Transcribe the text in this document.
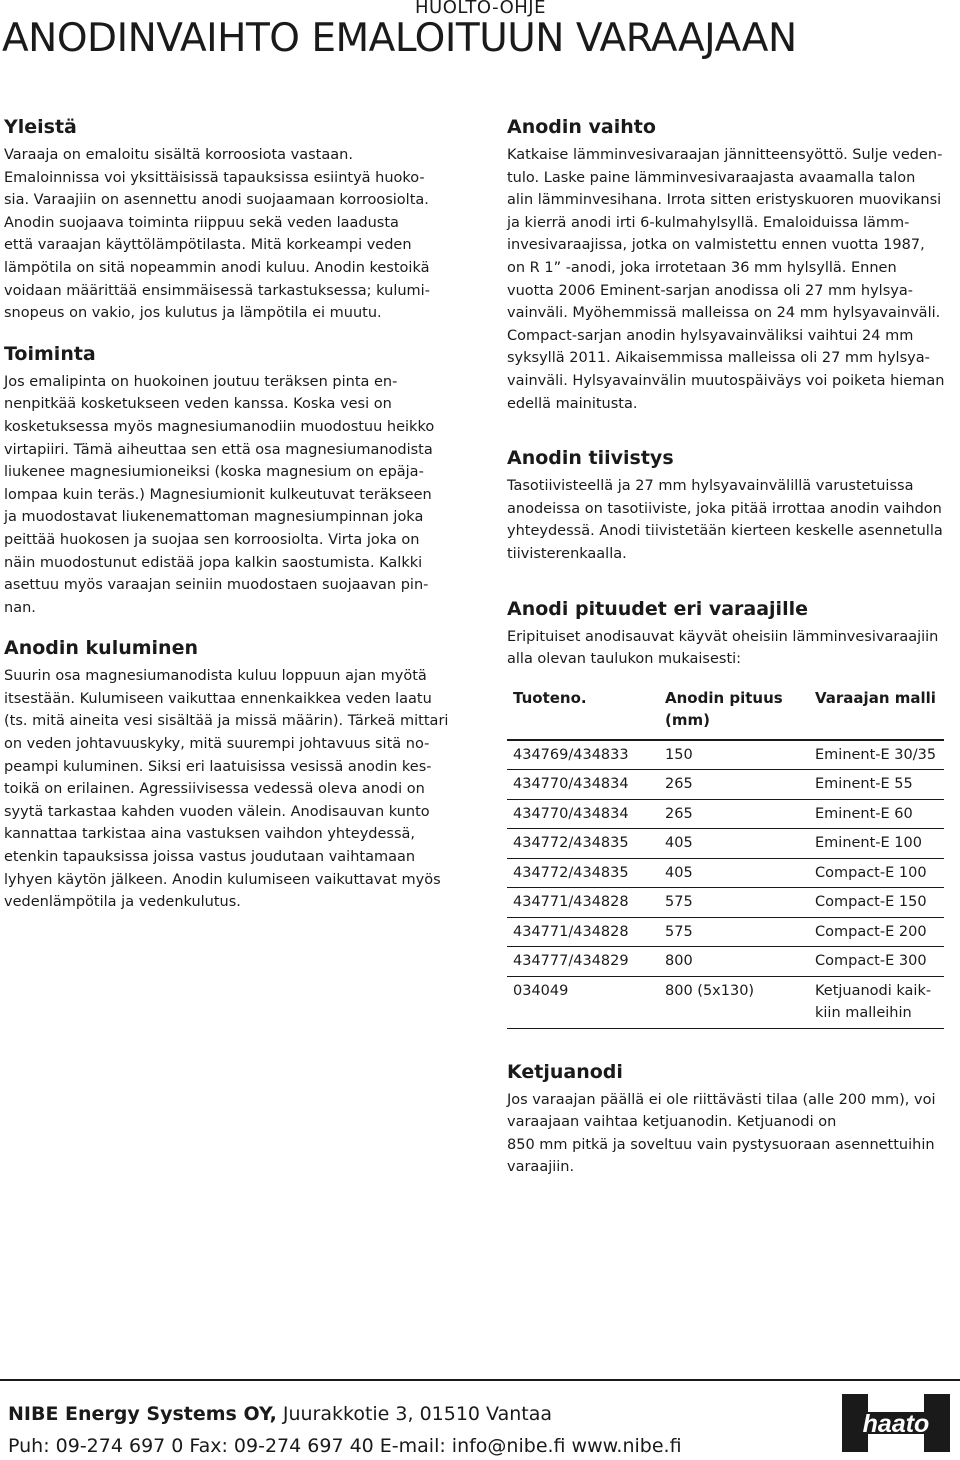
HUOLTO-OHJE
ANODINVAIHTO EMALOITUUN VARAAJAAN
Yleistä

Varaaja on emaloitu sisältä korroosiota vastaan.
Emaloinnissa voi yksittäisissä tapauksissa esiintyä huoko-
sia. Varaajiin on asennettu anodi suojaamaan korroosiolta.
Anodin suojaava toiminta riippuu sekä veden laadusta
että varaajan käyttölämpötilasta. Mitä korkeampi veden
lämpötila on sitä nopeammin anodi kuluu. Anodin kestoikä
voidaan määrittää ensimmäisessä tarkastuksessa; kulumi-
snopeus on vakio, jos kulutus ja lämpötila ei muutu.

Toiminta

Jos emalipinta on huokoinen joutuu teräksen pinta en-
nenpitkää kosketukseen veden kanssa. Koska vesi on
kosketuksessa myös magnesiumanodiin muodostuu heikko
virtapiiri. Tämä aiheuttaa sen että osa magnesiumanodista
liukenee magnesiumioneiksi (koska magnesium on epäja-
lompaa kuin teräs.) Magnesiumionit kulkeutuvat teräkseen
ja muodostavat liukenemattoman magnesiumpinnan joka
peittää huokosen ja suojaa sen korroosiolta. Virta joka on
näin muodostunut edistää jopa kalkin saostumista. Kalkki
asettuu myös varaajan seiniin muodostaen suojaavan pin-
nan.

Anodin kuluminen

Suurin osa magnesiumanodista kuluu loppuun ajan myötä
itsestään. Kulumiseen vaikuttaa ennenkaikkea veden laatu
(ts. mitä aineita vesi sisältää ja missä määrin). Tärkeä mittari
on veden johtavuuskyky, mitä suurempi johtavuus sitä no-
peampi kuluminen. Siksi eri laatuisissa vesissä anodin kes-
toikä on erilainen. Agressiivisessa vedessä oleva anodi on
syytä tarkastaa kahden vuoden välein. Anodisauvan kunto
kannattaa tarkistaa aina vastuksen vaihdon yhteydessä,
etenkin tapauksissa joissa vastus joudutaan vaihtamaan
lyhyen käytön jälkeen. Anodin kulumiseen vaikuttavat myös
vedenlämpötila ja vedenkulutus.

Anodin vaihto

Katkaise lämminvesivaraajan jännitteensyöttö. Sulje veden-
tulo. Laske paine lämminvesivaraajasta avaamalla talon
alin lämminvesihana. Irrota sitten eristyskuoren muovikansi
ja kierrä anodi irti 6-kulmahylsyllä. Emaloiduissa lämm-
invesivaraajissa, jotka on valmistettu ennen vuotta 1987,
on R 1” -anodi, joka irrotetaan 36 mm hylsyllä. Ennen
vuotta 2006 Eminent-sarjan anodissa oli 27 mm hylsya-
vainväli. Myöhemmissä malleissa on 24 mm hylsyavainväli.
Compact-sarjan anodin hylsyavainväliksi vaihtui 24 mm
syksyllä 2011. Aikaisemmissa malleissa oli 27 mm hylsya-
vainväli. Hylsyavainvälin muutospäiväys voi poiketa hieman
edellä mainitusta.

Anodin tiivistys

Tasotiivisteellä ja 27 mm hylsyavainvälillä varustetuissa
anodeissa on tasotiiviste, joka pitää irrottaa anodin vaihdon
yhteydessä. Anodi tiivistetään kierteen keskelle asennetulla
tiivisterenkaalla.

Anodi pituudet eri varaajille

Eripituiset anodisauvat käyvät oheisiin lämminvesivaraajiin
alla olevan taulukon mukaisesti:

Tuoteno.	Anodin pituus (mm)	Varaajan malli
434769/434833	150	Eminent-E 30/35
434770/434834	265	Eminent-E 55
434770/434834	265	Eminent-E 60
434772/434835	405	Eminent-E 100
434772/434835	405	Compact-E 100
434771/434828	575	Compact-E 150
434771/434828	575	Compact-E 200
434777/434829	800	Compact-E 300
034049	800 (5x130)	Ketjuanodi kaik-kiin malleihin
Ketjuanodi

Jos varaajan päällä ei ole riittävästi tilaa (alle 200 mm), voi
varaajaan vaihtaa ketjuanodin. Ketjuanodi on
850 mm pitkä ja soveltuu vain pystysuoraan asennettuihin
varaajiin.

NIBE Energy Systems OY, Juurakkotie 3, 01510 Vantaa
Puh: 09-274 697 0 Fax: 09-274 697 40 E-mail: info@nibe.fi www.nibe.fi
haato
